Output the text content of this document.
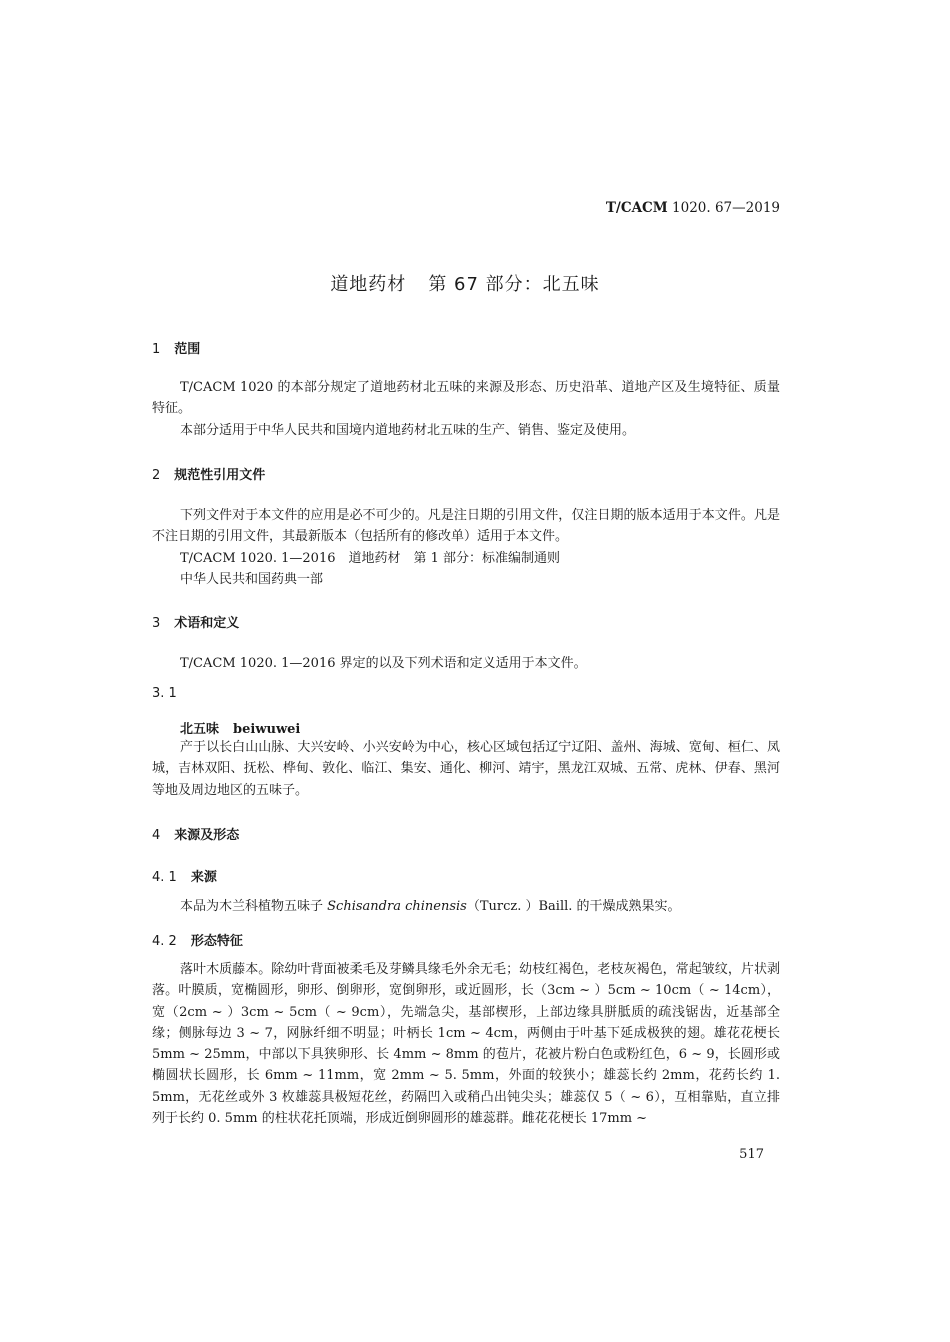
T/CACM 1020. 67—2019
道地药材 第 67 部分：北五味
1 范围
T/CACM 1020 的本部分规定了道地药材北五味的来源及形态、历史沿革、道地产区及生境特征、质量特征。
本部分适用于中华人民共和国境内道地药材北五味的生产、销售、鉴定及使用。
2 规范性引用文件
下列文件对于本文件的应用是必不可少的。凡是注日期的引用文件，仅注日期的版本适用于本文件。凡是不注日期的引用文件，其最新版本（包括所有的修改单）适用于本文件。
T/CACM 1020. 1—2016　道地药材　第 1 部分：标准编制通则
中华人民共和国药典一部
3 术语和定义
T/CACM 1020. 1—2016 界定的以及下列术语和定义适用于本文件。
3. 1
北五味 beiwuwei
产于以长白山山脉、大兴安岭、小兴安岭为中心，核心区域包括辽宁辽阳、盖州、海城、宽甸、桓仁、凤城，吉林双阳、抚松、桦甸、敦化、临江、集安、通化、柳河、靖宇，黑龙江双城、五常、虎林、伊春、黑河等地及周边地区的五味子。
4 来源及形态
4. 1 来源
本品为木兰科植物五味子 Schisandra chinensis（Turcz. ）Baill. 的干燥成熟果实。
4. 2 形态特征
落叶木质藤本。除幼叶背面被柔毛及芽鳞具缘毛外余无毛；幼枝红褐色，老枝灰褐色，常起皱纹，片状剥落。叶膜质，宽椭圆形，卵形、倒卵形，宽倒卵形，或近圆形，长（3cm ~ ）5cm ~ 10cm（ ~ 14cm），宽（2cm ~ ）3cm ~ 5cm（ ~ 9cm），先端急尖，基部楔形，上部边缘具胼胝质的疏浅锯齿，近基部全缘；侧脉每边 3 ~ 7，网脉纤细不明显；叶柄长 1cm ~ 4cm，两侧由于叶基下延成极狭的翅。雄花花梗长 5mm ~ 25mm，中部以下具狭卵形、长 4mm ~ 8mm 的苞片，花被片粉白色或粉红色，6 ~ 9，长圆形或椭圆状长圆形，长 6mm ~ 11mm，宽 2mm ~ 5. 5mm，外面的较狭小；雄蕊长约 2mm，花药长约 1. 5mm，无花丝或外 3 枚雄蕊具极短花丝，药隔凹入或稍凸出钝尖头；雄蕊仅 5（ ~ 6），互相靠贴，直立排列于长约 0. 5mm 的柱状花托顶端，形成近倒卵圆形的雄蕊群。雌花花梗长 17mm ~
517
